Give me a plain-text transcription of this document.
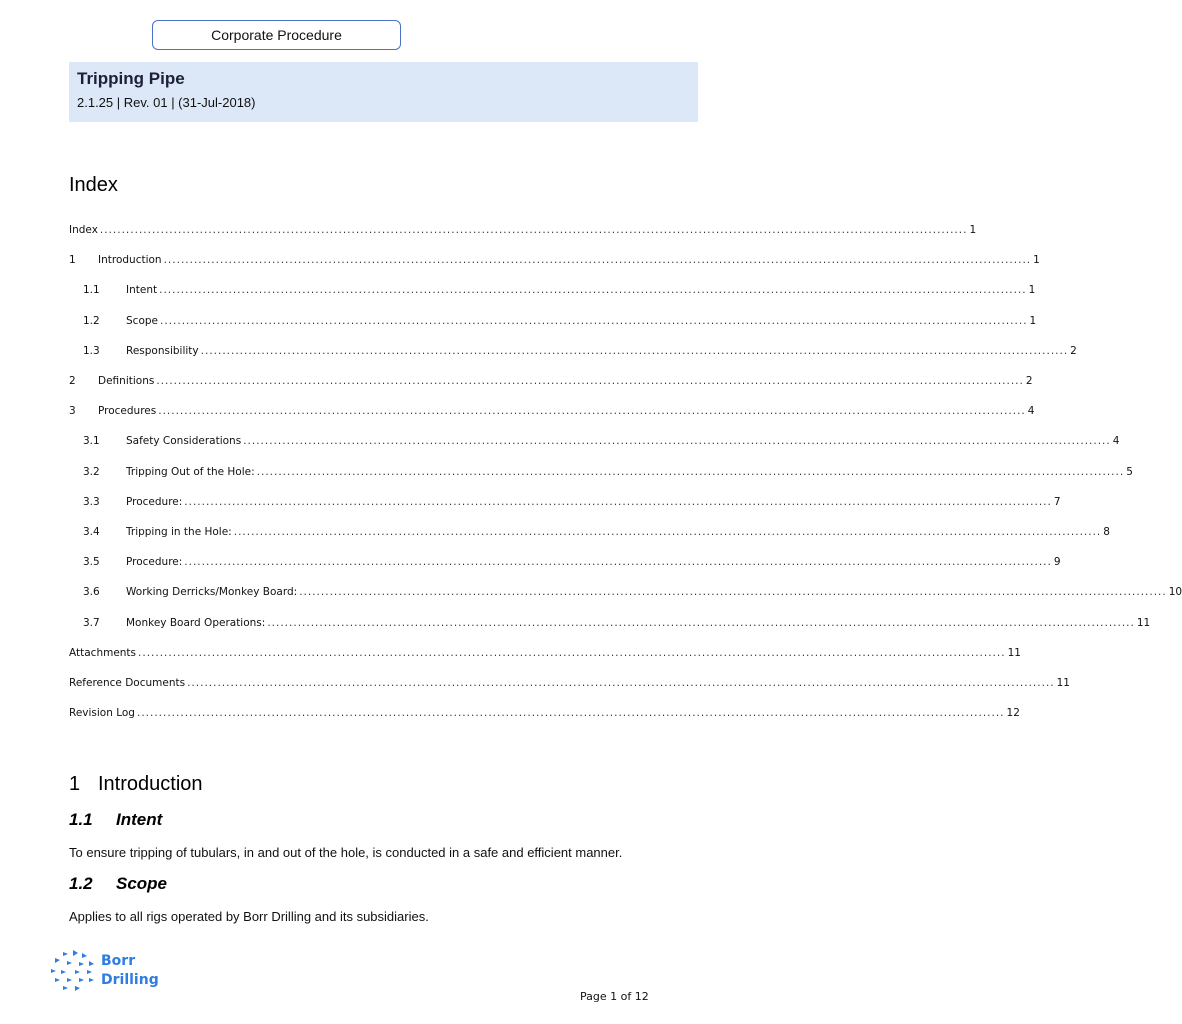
Corporate Procedure
Tripping Pipe
2.1.25 | Rev. 01 | (31-Jul-2018)
Index
Index ........................................................................................................................................................................................................ 1
1	Introduction ........................................................................................................................................................................................................ 1
1.1	Intent ........................................................................................................................................................................................................ 1
1.2	Scope ........................................................................................................................................................................................................ 1
1.3	Responsibility ........................................................................................................................................................................................................ 2
2	Definitions ........................................................................................................................................................................................................ 2
3	Procedures ........................................................................................................................................................................................................ 4
3.1	Safety Considerations ........................................................................................................................................................................................................ 4
3.2	Tripping Out of the Hole: ........................................................................................................................................................................................................ 5
3.3	Procedure: ........................................................................................................................................................................................................ 7
3.4	Tripping in the Hole: ........................................................................................................................................................................................................ 8
3.5	Procedure: ........................................................................................................................................................................................................ 9
3.6	Working Derricks/Monkey Board: ........................................................................................................................................................................................................ 10
3.7	Monkey Board Operations: ........................................................................................................................................................................................................ 11
Attachments ........................................................................................................................................................................................................ 11
Reference Documents ........................................................................................................................................................................................................ 11
Revision Log ........................................................................................................................................................................................................ 12
1 Introduction
1.1 Intent
To ensure tripping of tubulars, in and out of the hole, is conducted in a safe and efficient manner.
1.2 Scope
Applies to all rigs operated by Borr Drilling and its subsidiaries.
Borr
Drilling
Page 1 of 12
